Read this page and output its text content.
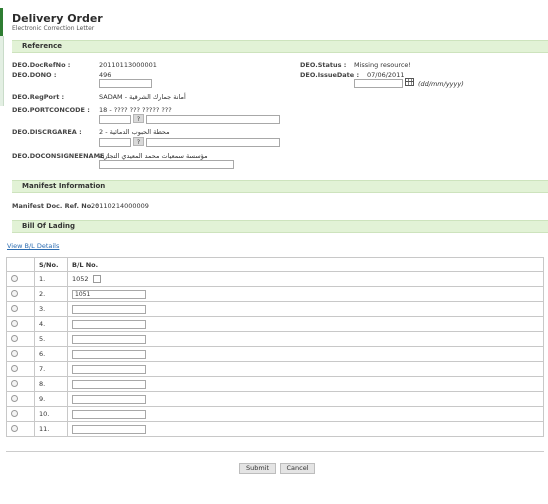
Delivery Order
Electronic Correction Letter
Reference
DEO.DocRefNo :	20110113000001	DEO.Status : Missing resource!
DEO.DONO :	496	DEO.IssueDate : 07/06/2011
(dd/mm/yyyy)
DEO.RegPort :	SADAM - أمانة جمارك الشرقية
DEO.PORTCONCODE : 18 - ???? ??? ????? ???
?
DEO.DISCRGAREA :	2 - محطة الحبوب الدمائية
?
DEO.DOCONSIGNEENAME :
مؤسسة سمعيات محمد المعيدي التجارية
Manifest Information
Manifest Doc. Ref. No. :
20110214000009
Bill Of Lading
View B/L Details
	S/No.	B/L No.
	1.	1052
	2.	1051
	3.	
	4.	
	5.	
	6.	
	7.	
	8.	
	9.	
	10.	
	11.	
Submit	Cancel
